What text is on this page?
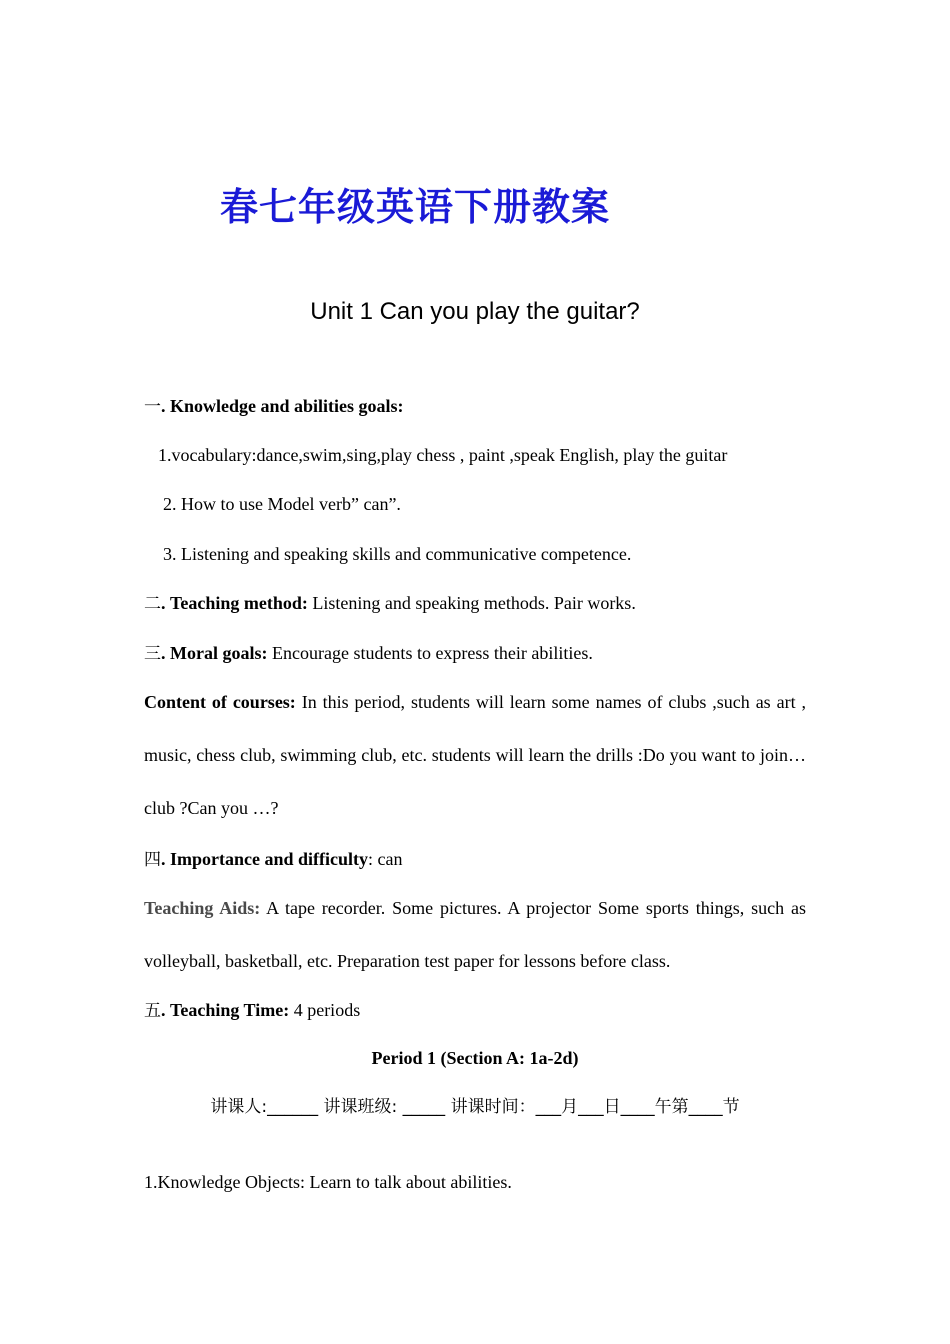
春七年级英语下册教案
Unit 1 Can you play the guitar?
一. Knowledge and abilities goals:
1.vocabulary:dance,swim,sing,play chess , paint ,speak English, play the guitar
2. How to use Model verb” can”.
3. Listening and speaking skills and communicative competence.
二. Teaching method: Listening and speaking methods. Pair works.
三. Moral goals: Encourage students to express their abilities.
Content of courses: In this period, students will learn some names of clubs ,such as art , music, chess club, swimming club, etc. students will learn the drills :Do you want to join…club ?Can you …?
四. Importance and difficulty: can
Teaching Aids: A tape recorder. Some pictures. A projector Some sports things, such as volleyball, basketball, etc. Preparation test paper for lessons before class.
五. Teaching Time: 4 periods
Period 1 (Section A: 1a-2d)
讲课人:______ 讲课班级: _____ 讲课时间：___月___日____午第____节
1.Knowledge Objects: Learn to talk about abilities.
